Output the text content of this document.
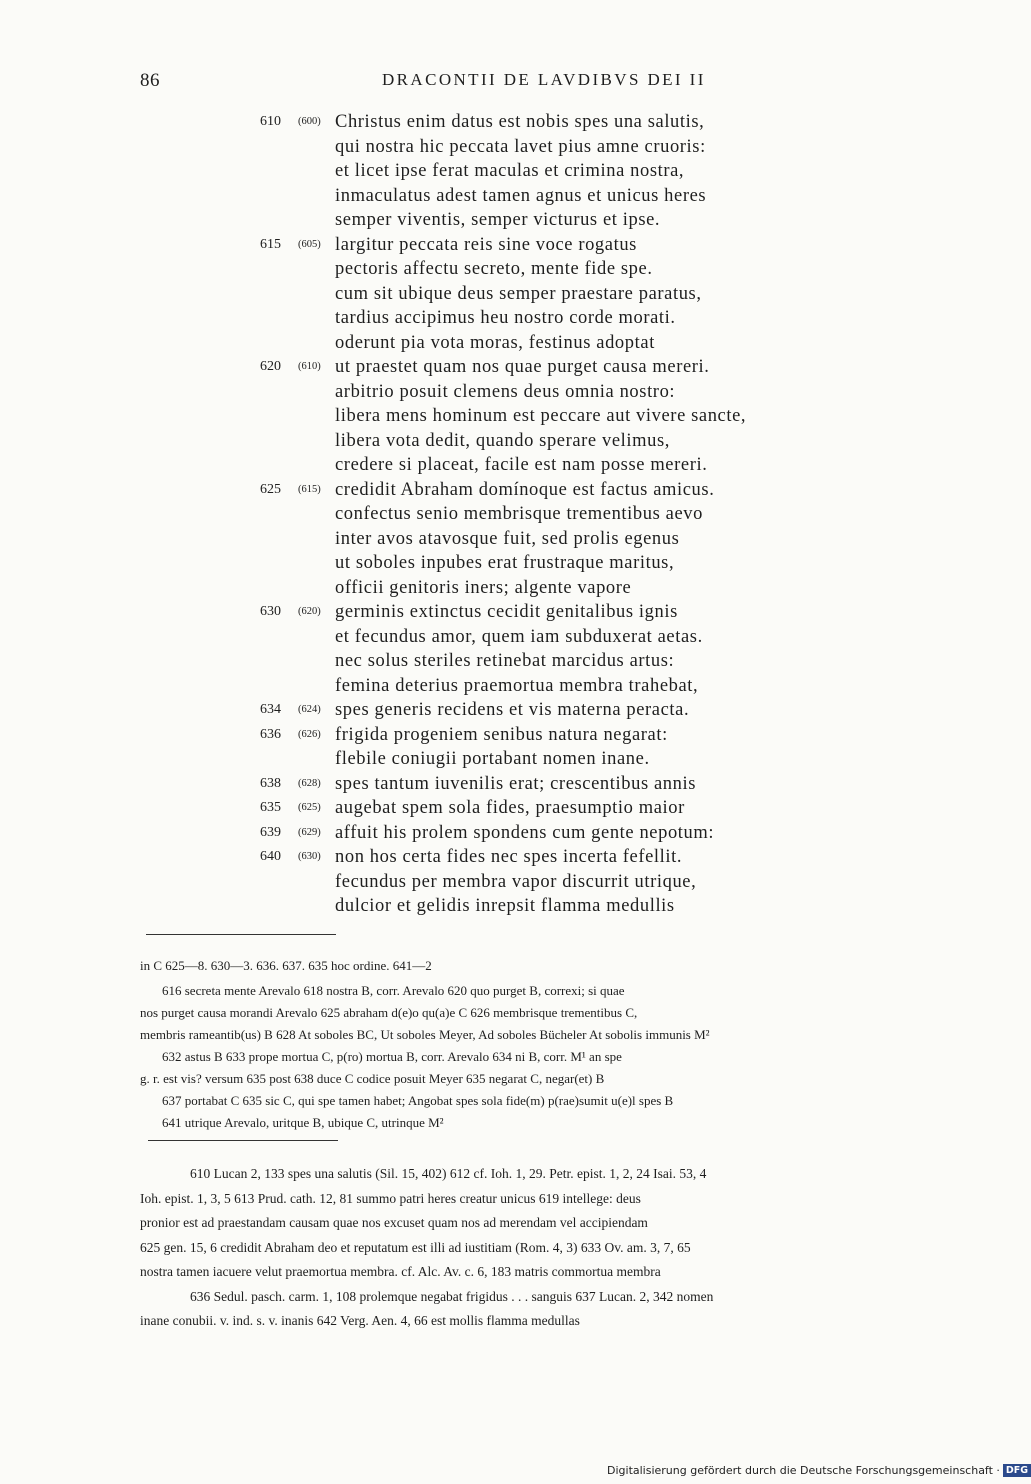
86	DRACONTII DE LAVDIBVS DEI II
610	(600) Christus enim datus est nobis spes una salutis,
qui nostra hic peccata lavet pius amne cruoris:
et licet ipse ferat maculas et crimina nostra,
inmaculatus adest tamen agnus et unicus heres
semper viventis, semper victurus et ipse.
615	(605) largitur peccata reis sine voce rogatus
pectoris affectu secreto, mente fide spe.
cum sit ubique deus semper praestare paratus,
tardius accipimus heu nostro corde morati.
oderunt pia vota moras, festinus adoptat
620	(610) ut praestet quam nos quae purget causa mereri.
arbitrio posuit clemens deus omnia nostro:
libera mens hominum est peccare aut vivere sancte,
libera vota dedit, quando sperare velimus,
credere si placeat, facile est nam posse mereri.
625	(615) credidit Abraham domínoque est factus amicus.
confectus senio membrisque trementibus aevo
inter avos atavosque fuit, sed prolis egenus
ut soboles inpubes erat frustraque maritus,
officii genitoris iners; algente vapore
630	(620) germinis extinctus cecidit genitalibus ignis
et fecundus amor, quem iam subduxerat aetas.
nec solus steriles retinebat marcidus artus:
femina deterius praemortua membra trahebat,
634	(624) spes generis recidens et vis materna peracta.
636	(626) frigida progeniem senibus natura negarat:
flebile coniugii portabant nomen inane.
638	(628) spes tantum iuvenilis erat; crescentibus annis
635	(625) augebat spem sola fides, praesumptio maior
639	(629) affuit his prolem spondens cum gente nepotum:
640	(630) non hos certa fides nec spes incerta fefellit.
fecundus per membra vapor discurrit utrique,
dulcior et gelidis inrepsit flamma medullis
in C 625—8. 630—3. 636. 637. 635 hoc ordine. 641—2
616 secreta mente Arevalo 618 nostra B, corr. Arevalo 620 quo purget B, correxi; si quae
nos purget causa morandi Arevalo 625 abraham d(e)o qu(a)e C 626 membrisque trementibus C,
membris rameantib(us) B 628 At soboles BC, Ut soboles Meyer, Ad soboles Bücheler At sobolis immunis M²
632 astus B 633 prope mortua C, p(ro) mortua B, corr. Arevalo 634 ni B, corr. M¹ an spe
g. r. est vis? versum 635 post 638 duce C codice posuit Meyer 635 negarat C, negar(et) B
637 portabat C 635 sic C, qui spe tamen habet; Angobat spes sola fide(m) p(rae)sumit u(e)l spes B
641 utrique Arevalo, uritque B, ubique C, utrinque M²
610 Lucan 2, 133 spes una salutis (Sil. 15, 402) 612 cf. Ioh. 1, 29. Petr. epist. 1, 2, 24 Isai. 53, 4
Ioh. epist. 1, 3, 5 613 Prud. cath. 12, 81 summo patri heres creatur unicus 619 intellege: deus
pronior est ad praestandam causam quae nos excuset quam nos ad merendam vel accipiendam
625 gen. 15, 6 credidit Abraham deo et reputatum est illi ad iustitiam (Rom. 4, 3) 633 Ov. am. 3, 7, 65
nostra tamen iacuere velut praemortua membra. cf. Alc. Av. c. 6, 183 matris commortua membra
636 Sedul. pasch. carm. 1, 108 prolemque negabat frigidus . . . sanguis 637 Lucan. 2, 342 nomen
inane conubii. v. ind. s. v. inanis 642 Verg. Aen. 4, 66 est mollis flamma medullas
Digitalisierung gefördert durch die Deutsche Forschungsgemeinschaft · DFG
